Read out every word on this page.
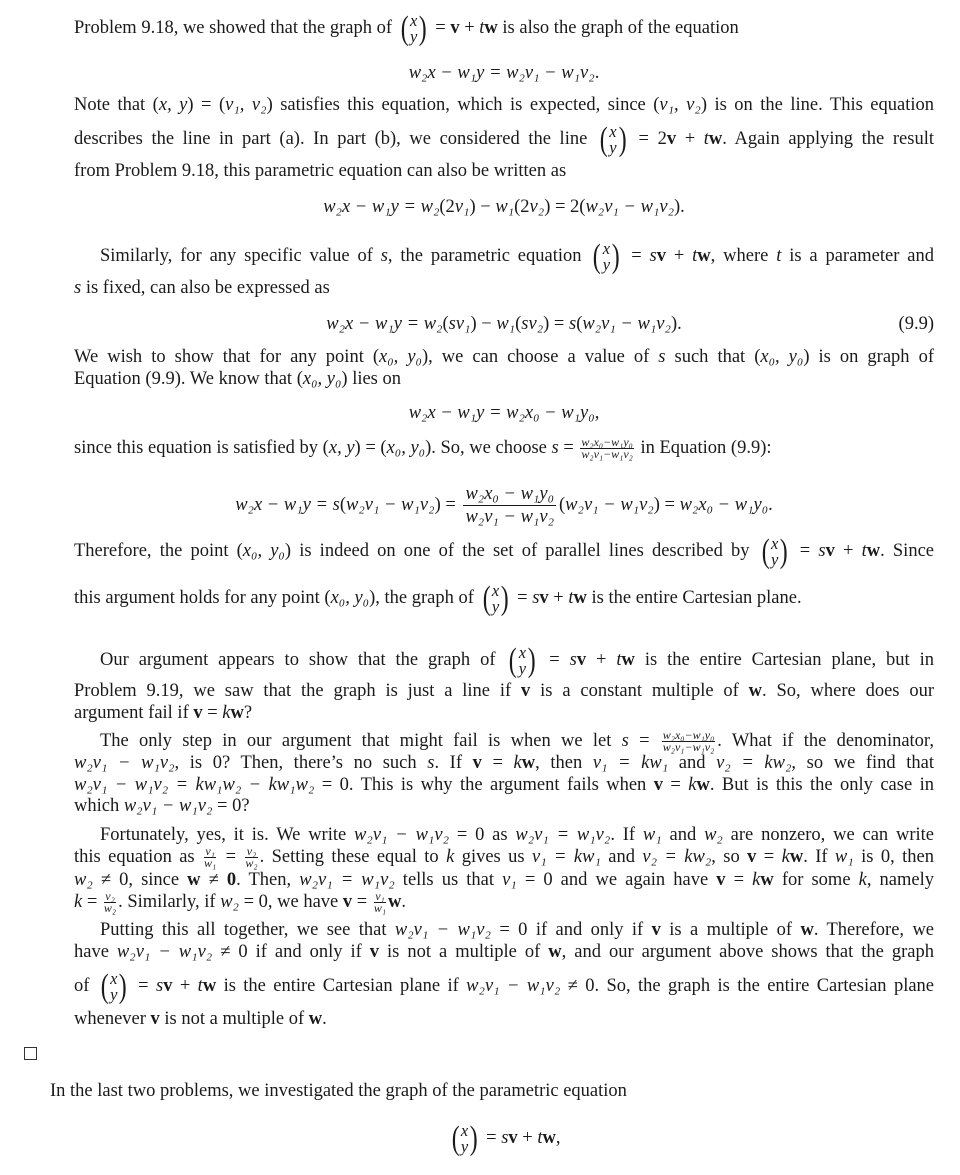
Problem 9.18, we showed that the graph of ( x
y ) = v + tw is also the graph of the equation
w₂x − w₁y = w₂v₁ − w₁v₂.
Note that (x, y) = (v₁, v₂) satisfies this equation, which is expected, since (v₁, v₂) is on the line. This equation
describes the line in part (a). In part (b), we considered the line ( x
y ) = 2v + tw. Again applying the result
from Problem 9.18, this parametric equation can also be written as
w₂x − w₁y = w₂(2v₁) − w₁(2v₂) = 2(w₂v₁ − w₁v₂).
Similarly, for any specific value of s, the parametric equation ( x
y ) = sv + tw, where t is a parameter and
s is fixed, can also be expressed as
w₂x − w₁y = w₂(sv₁) − w₁(sv₂) = s(w₂v₁ − w₁v₂).	(9.9)
We wish to show that for any point (x₀, y₀), we can choose a value of s such that (x₀, y₀) is on graph of
Equation (9.9). We know that (x₀, y₀) lies on
w₂x − w₁y = w₂x₀ − w₁y₀,
since this equation is satisfied by (x, y) = (x₀, y₀). So, we choose $s = \frac{\text{w₂x₀−w₁y₀}}{\text{w₂v₁−w₁v₂}}$ in Equation (9.9):
$w_2x - w_1y = s(w_2v_1 - w_1v_2) = \frac{\text{w₂x₀ − w₁y₀}}{\text{w₂v₁ − w₁v₂}} (w_2v_1 - w_1v_2) = w_2x_0 - w_1y_0$.
Therefore, the point (x₀, y₀) is indeed on one of the set of parallel lines described by ( x
y ) = sv + tw. Since
this argument holds for any point (x₀, y₀), the graph of ( x
y ) = sv + tw is the entire Cartesian plane.
Our argument appears to show that the graph of ( x
y ) = sv + tw is the entire Cartesian plane, but in
Problem 9.19, we saw that the graph is just a line if v is a constant multiple of w. So, where does our
argument fail if v = kw?
The only step in our argument that might fail is when we let $s = \frac{\text{w₂x₀−w₁y₀}}{\text{w₂v₁−w₁v₂}}$ . What if the denominator,
w₂v₁ − w₁v₂, is 0? Then, there’s no such s. If v = kw, then v₁ = kw₁ and v₂ = kw₂, so we find that
w₂v₁ − w₁v₂ = kw₁w₂ − kw₁w₂ = 0. This is why the argument fails when v = kw. But is this the only case in
which w₂v₁ − w₁v₂ = 0?
Fortunately, yes, it is. We write w₂v₁ − w₁v₂ = 0 as w₂v₁ = w₁v₂. If w₁ and w₂ are nonzero, we can write
this equation as $\frac{\text{v₁}}{\text{w₁}} = \frac{\text{v₂}}{\text{w₂}}$ . Setting these equal to k gives us v₁ = kw₁ and v₂ = kw₂, so v = kw. If w₁ is 0, then
w₂ ≠ 0, since w ≠ 0. Then, w₂v₁ = w₁v₂ tells us that v₁ = 0 and we again have v = kw for some k, namely
$k = \frac{\text{v₂}}{\text{w₂}}$ . Similarly, if w₂ = 0, we have $v = \frac{\text{v₁}}{\text{w₁}} w$.
Putting this all together, we see that w₂v₁ − w₁v₂ = 0 if and only if v is a multiple of w. Therefore, we
have w₂v₁ − w₁v₂ ≠ 0 if and only if v is not a multiple of w, and our argument above shows that the graph
of ( x
y ) = sv + tw is the entire Cartesian plane if w₂v₁ − w₁v₂ ≠ 0. So, the graph is the entire Cartesian plane
whenever v is not a multiple of w.
In the last two problems, we investigated the graph of the parametric equation
( x
y ) = sv + tw,
